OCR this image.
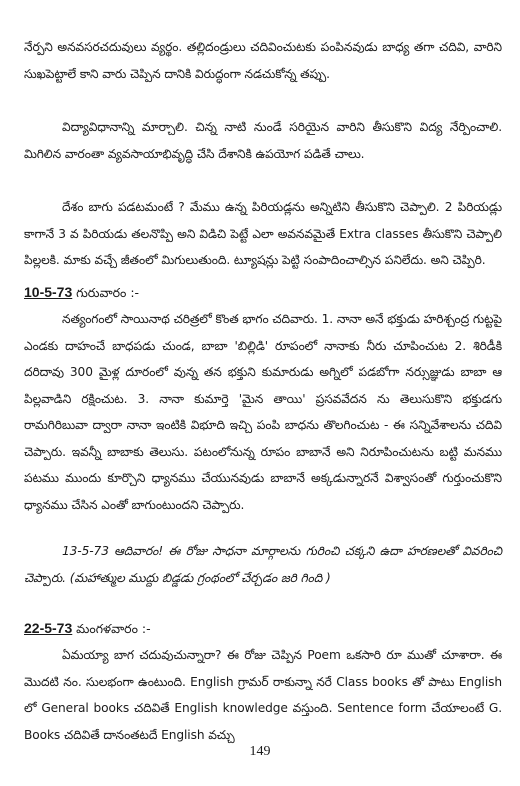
నేర్పని అనవసరచదువులు వ్యర్థం. తల్లిదండ్రులు చదివించుటకు పంపినవుడు బాధ్య తగా చదివి, వారిని సుఖపెట్టాలే కాని వారు చెప్పిన దానికి విరుద్ధంగా నడచుకోన్న తప్పు.

విద్యావిధానాన్ని మార్చాలి. చిన్న నాటి నుండే సరియైన వారిని తీసుకొని విద్య నేర్పించాలి. మిగిలిన వారంతా వ్యవసాయాభివృద్ధి చేసి దేశానికి ఉపయోగ పడితే చాలు.

దేశం బాగు పడటమంటే ? మేము ఉన్న పిరియడ్లను అన్నిటిని తీసుకొని చెప్పాలి. 2 పిరియడ్లు కాగానే 3 వ పిరియడు తలనొప్పి అని విడిచి పెట్టే ఎలా అవనవమైతే Extra classes తీసుకొని చెప్పాలి పిల్లలకి. మాకు వచ్చే జీతంలో మిగులుతుంది. ట్యూషన్లు పెట్టి సంపాదించాల్సిన పనిలేదు. అని చెప్పిరి.

10-5-73 గురువారం :-

నత్యంగంలో సాయినాథ చరిత్రలో కొంత భాగం చదివారు. 1. నానా అనే భక్తుడు హరిశ్చంద్ర గుట్టపై ఎండకు దాహంచే బాధపడు చుండ, బాబా 'బిల్లిడి' రూపంలో నానాకు నీరు చూపించుట 2. శిరిడీకి దరిదావు 300 మైళ్ల దూరంలో వున్న తన భక్తుని కుమారుడు అగ్నిలో పడబోగా నర్సుజ్ఞుడు బాబా ఆ పిల్లవాడిని రక్షించుట. 3. నానా కుమార్తె 'మైన తాయి' ప్రసవవేదన ను తెలుసుకొని భక్తుడగు రామగిరిబువా ద్వారా నానా ఇంటికి విభూది ఇచ్చి పంపి బాధను తొలగించుట - ఈ సన్నివేశాలను చదివి చెప్పారు. ఇవన్నీ బాబాకు తెలుసు. పటంలోనున్న రూపం బాబానే అని నిరూపించుటను బట్టి మనము పటము ముందు కూర్చొని ధ్యానము చేయునవుడు బాబానే అక్కడున్నారనే విశ్వాసంతో గుర్తుంచుకొని ధ్యానము చేసిన ఎంతో బాగుంటుందని చెప్పారు.

13-5-73 ఆదివారం! ఈ రోజు సాధనా మార్గాలను గురించి చక్కని ఉదా హరణలతో వివరించి చెప్పారు. (మహాత్ముల ముద్దు బిడ్డడు గ్రంథంలో చేర్చడం జరి గింది )

22-5-73 మంగళవారం :-

ఏమయ్యా బాగ చదువుచున్నారా? ఈ రోజు చెప్పిన Poem ఒకసారి రూ ముతో చూశారా. ఈ మొదటి నం. సులభంగా ఉంటుంది. English గ్రామర్ రాకున్నా నరే Class books తో పాటు English లో General books చదివితే English knowledge వస్తుంది. Sentence form చేయాలంటే G. Books చదివితే దానంతటదే English వచ్చు

149
